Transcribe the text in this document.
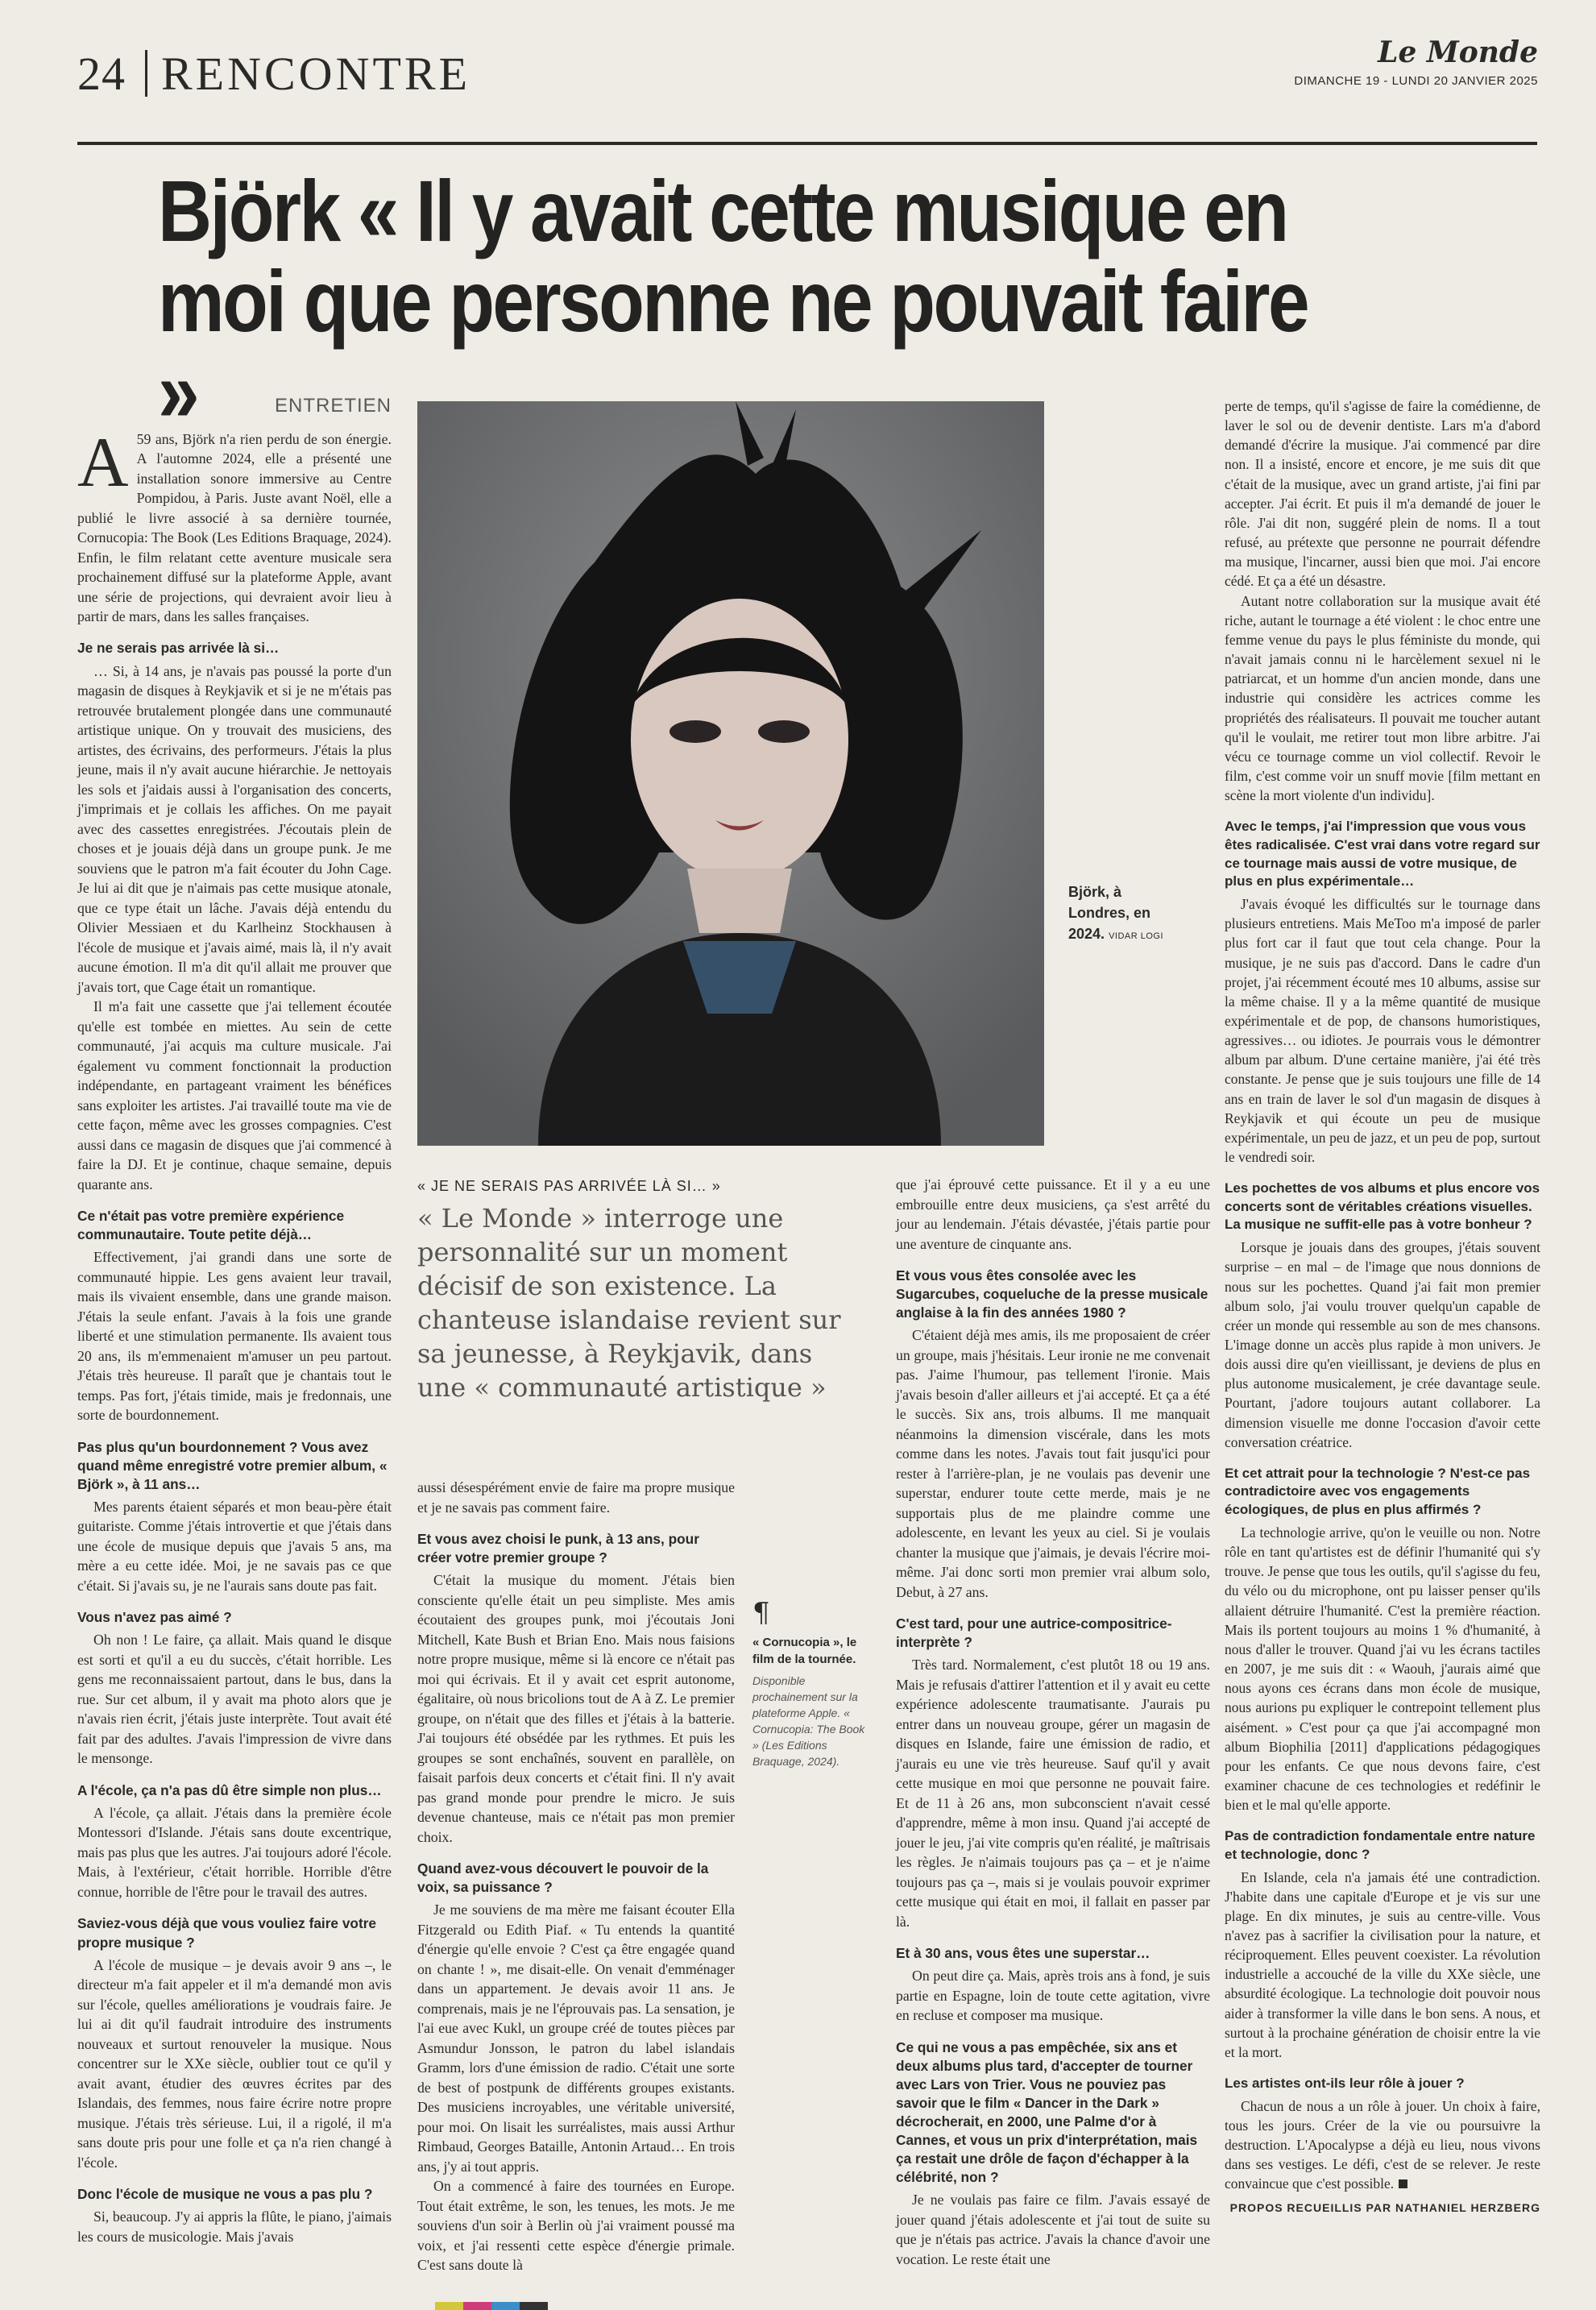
24 RENCONTRE	Le Monde
DIMANCHE 19 - LUNDI 20 JANVIER 2025
Björk « Il y avait cette musique en moi que personne ne pouvait faire »	ENTRETIEN

A 59 ans, Björk n'a rien perdu de son énergie. A l'automne 2024, elle a présenté une installation sonore immersive au Centre Pompidou, à Paris. Juste avant Noël, elle a publié le livre associé à sa dernière tournée, Cornucopia: The Book (Les Editions Braquage, 2024). Enfin, le film relatant cette aventure musicale sera prochainement diffusé sur la plateforme Apple, avant une série de projections, qui devraient avoir lieu à partir de mars, dans les salles françaises.

Je ne serais pas arrivée là si…

… Si, à 14 ans, je n'avais pas poussé la porte d'un magasin de disques à Reykjavik et si je ne m'étais pas retrouvée brutalement plongée dans une communauté artistique unique. On y trouvait des musiciens, des artistes, des écrivains, des performeurs. J'étais la plus jeune, mais il n'y avait aucune hiérarchie. Je nettoyais les sols et j'aidais aussi à l'organisation des concerts, j'imprimais et je collais les affiches. On me payait avec des cassettes enregistrées. J'écoutais plein de choses et je jouais déjà dans un groupe punk. Je me souviens que le patron m'a fait écouter du John Cage. Je lui ai dit que je n'aimais pas cette musique atonale, que ce type était un lâche. J'avais déjà entendu du Olivier Messiaen et du Karlheinz Stockhausen à l'école de musique et j'avais aimé, mais là, il n'y avait aucune émotion. Il m'a dit qu'il allait me prouver que j'avais tort, que Cage était un romantique.

Il m'a fait une cassette que j'ai tellement écoutée qu'elle est tombée en miettes. Au sein de cette communauté, j'ai acquis ma culture musicale. J'ai également vu comment fonctionnait la production indépendante, en partageant vraiment les bénéfices sans exploiter les artistes. J'ai travaillé toute ma vie de cette façon, même avec les grosses compagnies. C'est aussi dans ce magasin de disques que j'ai commencé à faire la DJ. Et je continue, chaque semaine, depuis quarante ans.

Ce n'était pas votre première expérience communautaire. Toute petite déjà…

Effectivement, j'ai grandi dans une sorte de communauté hippie. Les gens avaient leur travail, mais ils vivaient ensemble, dans une grande maison. J'étais la seule enfant. J'avais à la fois une grande liberté et une stimulation permanente. Ils avaient tous 20 ans, ils m'emmenaient m'amuser un peu partout. J'étais très heureuse. Il paraît que je chantais tout le temps. Pas fort, j'étais timide, mais je fredonnais, une sorte de bourdonnement.

Pas plus qu'un bourdonnement ? Vous avez quand même enregistré votre premier album, « Björk », à 11 ans…

Mes parents étaient séparés et mon beau-père était guitariste. Comme j'étais introvertie et que j'étais dans une école de musique depuis que j'avais 5 ans, ma mère a eu cette idée. Moi, je ne savais pas ce que c'était. Si j'avais su, je ne l'aurais sans doute pas fait.

Vous n'avez pas aimé ?

Oh non ! Le faire, ça allait. Mais quand le disque est sorti et qu'il a eu du succès, c'était horrible. Les gens me reconnaissaient partout, dans le bus, dans la rue. Sur cet album, il y avait ma photo alors que je n'avais rien écrit, j'étais juste interprète. Tout avait été fait par des adultes. J'avais l'impression de vivre dans le mensonge.

A l'école, ça n'a pas dû être simple non plus…

A l'école, ça allait. J'étais dans la première école Montessori d'Islande. J'étais sans doute excentrique, mais pas plus que les autres. J'ai toujours adoré l'école. Mais, à l'extérieur, c'était horrible. Horrible d'être connue, horrible de l'être pour le travail des autres.

Saviez-vous déjà que vous vouliez faire votre propre musique ?

A l'école de musique – je devais avoir 9 ans –, le directeur m'a fait appeler et il m'a demandé mon avis sur l'école, quelles améliorations je voudrais faire. Je lui ai dit qu'il faudrait introduire des instruments nouveaux et surtout renouveler la musique. Nous concentrer sur le XXe siècle, oublier tout ce qu'il y avait avant, étudier des œuvres écrites par des Islandais, des femmes, nous faire écrire notre propre musique. J'étais très sérieuse. Lui, il a rigolé, il m'a sans doute pris pour une folle et ça n'a rien changé à l'école.

Donc l'école de musique ne vous a pas plu ?

Si, beaucoup. J'y ai appris la flûte, le piano, j'aimais les cours de musicologie. Mais j'avais

Björk, à Londres, en 2024. VIDAR LOGI
« JE NE SERAIS PAS ARRIVÉE LÀ SI… »
« Le Monde » interroge une personnalité sur un moment décisif de son existence. La chanteuse islandaise revient sur sa jeunesse, à Reykjavik, dans une « communauté artistique »

aussi désespérément envie de faire ma propre musique et je ne savais pas comment faire.

Et vous avez choisi le punk, à 13 ans, pour créer votre premier groupe ?

C'était la musique du moment. J'étais bien consciente qu'elle était un peu simpliste. Mes amis écoutaient des groupes punk, moi j'écoutais Joni Mitchell, Kate Bush et Brian Eno. Mais nous faisions notre propre musique, même si là encore ce n'était pas moi qui écrivais. Et il y avait cet esprit autonome, égalitaire, où nous bricolions tout de A à Z. Le premier groupe, on n'était que des filles et j'étais à la batterie. J'ai toujours été obsédée par les rythmes. Et puis les groupes se sont enchaînés, souvent en parallèle, on faisait parfois deux concerts et c'était fini. Il n'y avait pas grand monde pour prendre le micro. Je suis devenue chanteuse, mais ce n'était pas mon premier choix.

Quand avez-vous découvert le pouvoir de la voix, sa puissance ?

Je me souviens de ma mère me faisant écouter Ella Fitzgerald ou Edith Piaf. « Tu entends la quantité d'énergie qu'elle envoie ? C'est ça être engagée quand on chante ! », me disait-elle. On venait d'emménager dans un appartement. Je devais avoir 11 ans. Je comprenais, mais je ne l'éprouvais pas. La sensation, je l'ai eue avec Kukl, un groupe créé de toutes pièces par Asmundur Jonsson, le patron du label islandais Gramm, lors d'une émission de radio. C'était une sorte de best of postpunk de différents groupes existants. Des musiciens incroyables, une véritable université, pour moi. On lisait les surréalistes, mais aussi Arthur Rimbaud, Georges Bataille, Antonin Artaud… En trois ans, j'y ai tout appris.

On a commencé à faire des tournées en Europe. Tout était extrême, le son, les tenues, les mots. Je me souviens d'un soir à Berlin où j'ai vraiment poussé ma voix, et j'ai ressenti cette espèce d'énergie primale. C'est sans doute là

¶
« Cornucopia », le film de la tournée.
Disponible prochainement sur la plateforme Apple. « Cornucopia: The Book » (Les Editions Braquage, 2024).

que j'ai éprouvé cette puissance. Et il y a eu une embrouille entre deux musiciens, ça s'est arrêté du jour au lendemain. J'étais dévastée, j'étais partie pour une aventure de cinquante ans.

Et vous vous êtes consolée avec les Sugarcubes, coqueluche de la presse musicale anglaise à la fin des années 1980 ?

C'étaient déjà mes amis, ils me proposaient de créer un groupe, mais j'hésitais. Leur ironie ne me convenait pas. J'aime l'humour, pas tellement l'ironie. Mais j'avais besoin d'aller ailleurs et j'ai accepté. Et ça a été le succès. Six ans, trois albums. Il me manquait néanmoins la dimension viscérale, dans les mots comme dans les notes. J'avais tout fait jusqu'ici pour rester à l'arrière-plan, je ne voulais pas devenir une superstar, endurer toute cette merde, mais je ne supportais plus de me plaindre comme une adolescente, en levant les yeux au ciel. Si je voulais chanter la musique que j'aimais, je devais l'écrire moi-même. J'ai donc sorti mon premier vrai album solo, Debut, à 27 ans.

C'est tard, pour une autrice-compositrice-interprète ?

Très tard. Normalement, c'est plutôt 18 ou 19 ans. Mais je refusais d'attirer l'attention et il y avait eu cette expérience adolescente traumatisante. J'aurais pu entrer dans un nouveau groupe, gérer un magasin de disques en Islande, faire une émission de radio, et j'aurais eu une vie très heureuse. Sauf qu'il y avait cette musique en moi que personne ne pouvait faire. Et de 11 à 26 ans, mon subconscient n'avait cessé d'apprendre, même à mon insu. Quand j'ai accepté de jouer le jeu, j'ai vite compris qu'en réalité, je maîtrisais les règles. Je n'aimais toujours pas ça – et je n'aime toujours pas ça –, mais si je voulais pouvoir exprimer cette musique qui était en moi, il fallait en passer par là.

Et à 30 ans, vous êtes une superstar…

On peut dire ça. Mais, après trois ans à fond, je suis partie en Espagne, loin de toute cette agitation, vivre en recluse et composer ma musique.

Ce qui ne vous a pas empêchée, six ans et deux albums plus tard, d'accepter de tourner avec Lars von Trier. Vous ne pouviez pas savoir que le film « Dancer in the Dark » décrocherait, en 2000, une Palme d'or à Cannes, et vous un prix d'interprétation, mais ça restait une drôle de façon d'échapper à la célébrité, non ?

Je ne voulais pas faire ce film. J'avais essayé de jouer quand j'étais adolescente et j'ai tout de suite su que je n'étais pas actrice. J'avais la chance d'avoir une vocation. Le reste était une

perte de temps, qu'il s'agisse de faire la comédienne, de laver le sol ou de devenir dentiste. Lars m'a d'abord demandé d'écrire la musique. J'ai commencé par dire non. Il a insisté, encore et encore, je me suis dit que c'était de la musique, avec un grand artiste, j'ai fini par accepter. J'ai écrit. Et puis il m'a demandé de jouer le rôle. J'ai dit non, suggéré plein de noms. Il a tout refusé, au prétexte que personne ne pourrait défendre ma musique, l'incarner, aussi bien que moi. J'ai encore cédé. Et ça a été un désastre.

Autant notre collaboration sur la musique avait été riche, autant le tournage a été violent : le choc entre une femme venue du pays le plus féministe du monde, qui n'avait jamais connu ni le harcèlement sexuel ni le patriarcat, et un homme d'un ancien monde, dans une industrie qui considère les actrices comme les propriétés des réalisateurs. Il pouvait me toucher autant qu'il le voulait, me retirer tout mon libre arbitre. J'ai vécu ce tournage comme un viol collectif. Revoir le film, c'est comme voir un snuff movie [film mettant en scène la mort violente d'un individu].

Avec le temps, j'ai l'impression que vous vous êtes radicalisée. C'est vrai dans votre regard sur ce tournage mais aussi de votre musique, de plus en plus expérimentale…

J'avais évoqué les difficultés sur le tournage dans plusieurs entretiens. Mais MeToo m'a imposé de parler plus fort car il faut que tout cela change. Pour la musique, je ne suis pas d'accord. Dans le cadre d'un projet, j'ai récemment écouté mes 10 albums, assise sur la même chaise. Il y a la même quantité de musique expérimentale et de pop, de chansons humoristiques, agressives… ou idiotes. Je pourrais vous le démontrer album par album. D'une certaine manière, j'ai été très constante. Je pense que je suis toujours une fille de 14 ans en train de laver le sol d'un magasin de disques à Reykjavik et qui écoute un peu de musique expérimentale, un peu de jazz, et un peu de pop, surtout le vendredi soir.

Les pochettes de vos albums et plus encore vos concerts sont de véritables créations visuelles. La musique ne suffit-elle pas à votre bonheur ?

Lorsque je jouais dans des groupes, j'étais souvent surprise – en mal – de l'image que nous donnions de nous sur les pochettes. Quand j'ai fait mon premier album solo, j'ai voulu trouver quelqu'un capable de créer un monde qui ressemble au son de mes chansons. L'image donne un accès plus rapide à mon univers. Je dois aussi dire qu'en vieillissant, je deviens de plus en plus autonome musicalement, je crée davantage seule. Pourtant, j'adore toujours autant collaborer. La dimension visuelle me donne l'occasion d'avoir cette conversation créatrice.

Et cet attrait pour la technologie ? N'est-ce pas contradictoire avec vos engagements écologiques, de plus en plus affirmés ?

La technologie arrive, qu'on le veuille ou non. Notre rôle en tant qu'artistes est de définir l'humanité qui s'y trouve. Je pense que tous les outils, qu'il s'agisse du feu, du vélo ou du microphone, ont pu laisser penser qu'ils allaient détruire l'humanité. C'est la première réaction. Mais ils portent toujours au moins 1 % d'humanité, à nous d'aller le trouver. Quand j'ai vu les écrans tactiles en 2007, je me suis dit : « Waouh, j'aurais aimé que nous ayons ces écrans dans mon école de musique, nous aurions pu expliquer le contrepoint tellement plus aisément. » C'est pour ça que j'ai accompagné mon album Biophilia [2011] d'applications pédagogiques pour les enfants. Ce que nous devons faire, c'est examiner chacune de ces technologies et redéfinir le bien et le mal qu'elle apporte.

Pas de contradiction fondamentale entre nature et technologie, donc ?

En Islande, cela n'a jamais été une contradiction. J'habite dans une capitale d'Europe et je vis sur une plage. En dix minutes, je suis au centre-ville. Vous n'avez pas à sacrifier la civilisation pour la nature, et réciproquement. Elles peuvent coexister. La révolution industrielle a accouché de la ville du XXe siècle, une absurdité écologique. La technologie doit pouvoir nous aider à transformer la ville dans le bon sens. A nous, et surtout à la prochaine génération de choisir entre la vie et la mort.

Les artistes ont-ils leur rôle à jouer ?

Chacun de nous a un rôle à jouer. Un choix à faire, tous les jours. Créer de la vie ou poursuivre la destruction. L'Apocalypse a déjà eu lieu, nous vivons dans ses vestiges. Le défi, c'est de se relever. Je reste convaincue que c'est possible.

PROPOS RECUEILLIS PAR NATHANIEL HERZBERG
